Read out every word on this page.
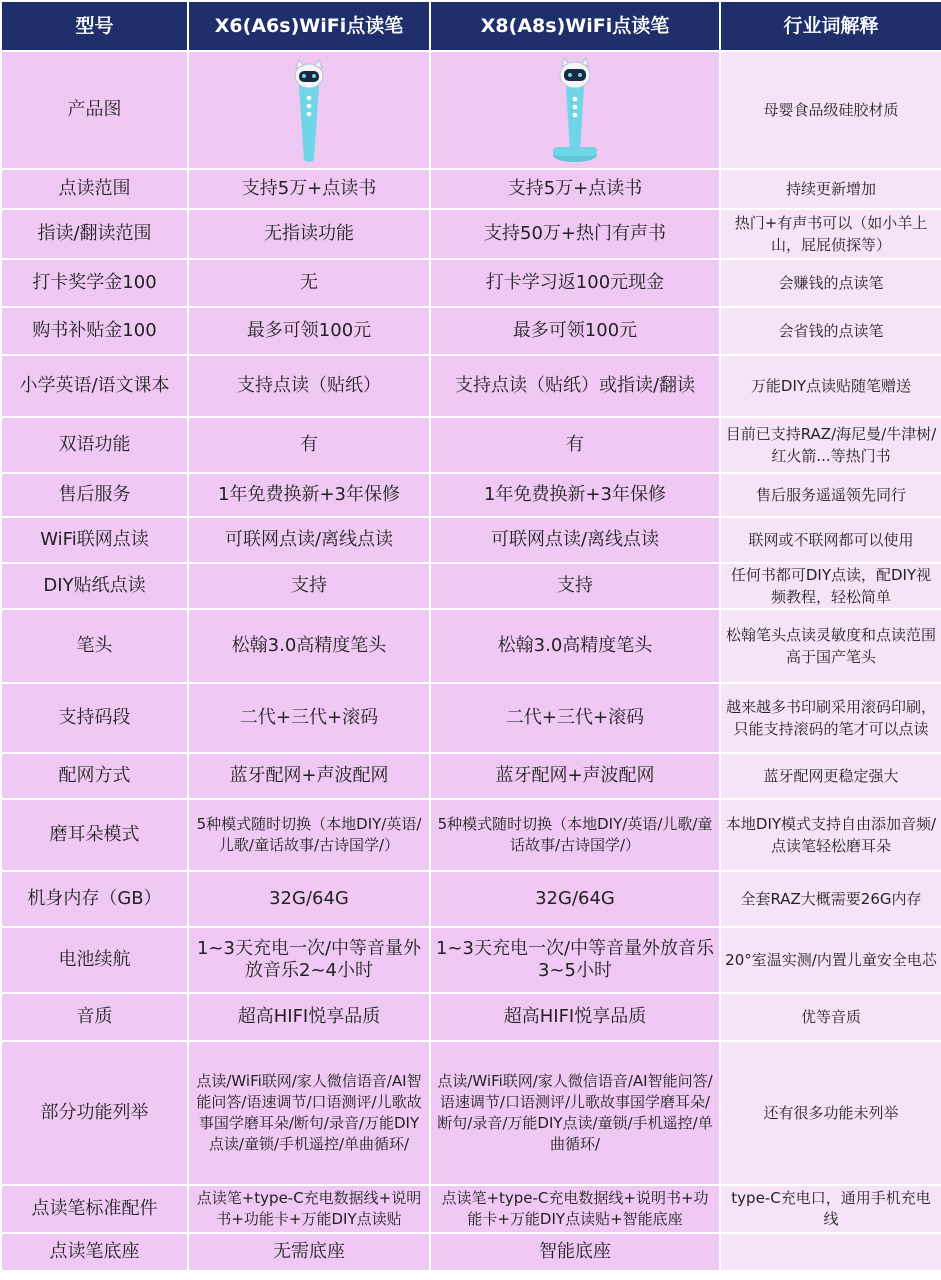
型号	X6(A6s)WiFi点读笔	X8(A8s)WiFi点读笔	行业词解释
产品图			母婴食品级硅胶材质
点读范围	支持5万+点读书	支持5万+点读书	持续更新增加
指读/翻读范围	无指读功能	支持50万+热门有声书	热门+有声书可以（如小羊上山，屁屁侦探等）
打卡奖学金100	无	打卡学习返100元现金	会赚钱的点读笔
购书补贴金100	最多可领100元	最多可领100元	会省钱的点读笔
小学英语/语文课本	支持点读（贴纸）	支持点读（贴纸）或指读/翻读	万能DIY点读贴随笔赠送
双语功能	有	有	目前已支持RAZ/海尼曼/牛津树/红火箭...等热门书
售后服务	1年免费换新+3年保修	1年免费换新+3年保修	售后服务遥遥领先同行
WiFi联网点读	可联网点读/离线点读	可联网点读/离线点读	联网或不联网都可以使用
DIY贴纸点读	支持	支持	任何书都可DIY点读，配DIY视频教程，轻松简单
笔头	松翰3.0高精度笔头	松翰3.0高精度笔头	松翰笔头点读灵敏度和点读范围高于国产笔头
支持码段	二代+三代+滚码	二代+三代+滚码	越来越多书印刷采用滚码印刷，只能支持滚码的笔才可以点读
配网方式	蓝牙配网+声波配网	蓝牙配网+声波配网	蓝牙配网更稳定强大
磨耳朵模式	5种模式随时切换（本地DIY/英语/儿歌/童话故事/古诗国学/）	5种模式随时切换（本地DIY/英语/儿歌/童话故事/古诗国学/）	本地DIY模式支持自由添加音频/点读笔轻松磨耳朵
机身内存（GB）	32G/64G	32G/64G	全套RAZ大概需要26G内存
电池续航	1~3天充电一次/中等音量外放音乐2~4小时	1~3天充电一次/中等音量外放音乐3~5小时	20°室温实测/内置儿童安全电芯
音质	超高HIFI悦享品质	超高HIFI悦享品质	优等音质
部分功能列举	点读/WiFi联网/家人微信语音/AI智能问答/语速调节/口语测评/儿歌故事国学磨耳朵/断句/录音/万能DIY点读/童锁/手机遥控/单曲循环/	点读/WiFi联网/家人微信语音/AI智能问答/语速调节/口语测评/儿歌故事国学磨耳朵/断句/录音/万能DIY点读/童锁/手机遥控/单曲循环/	还有很多功能未列举
点读笔标准配件	点读笔+type-C充电数据线+说明书+功能卡+万能DIY点读贴	点读笔+type-C充电数据线+说明书+功能卡+万能DIY点读贴+智能底座	type-C充电口，通用手机充电线
点读笔底座	无需底座	智能底座	
